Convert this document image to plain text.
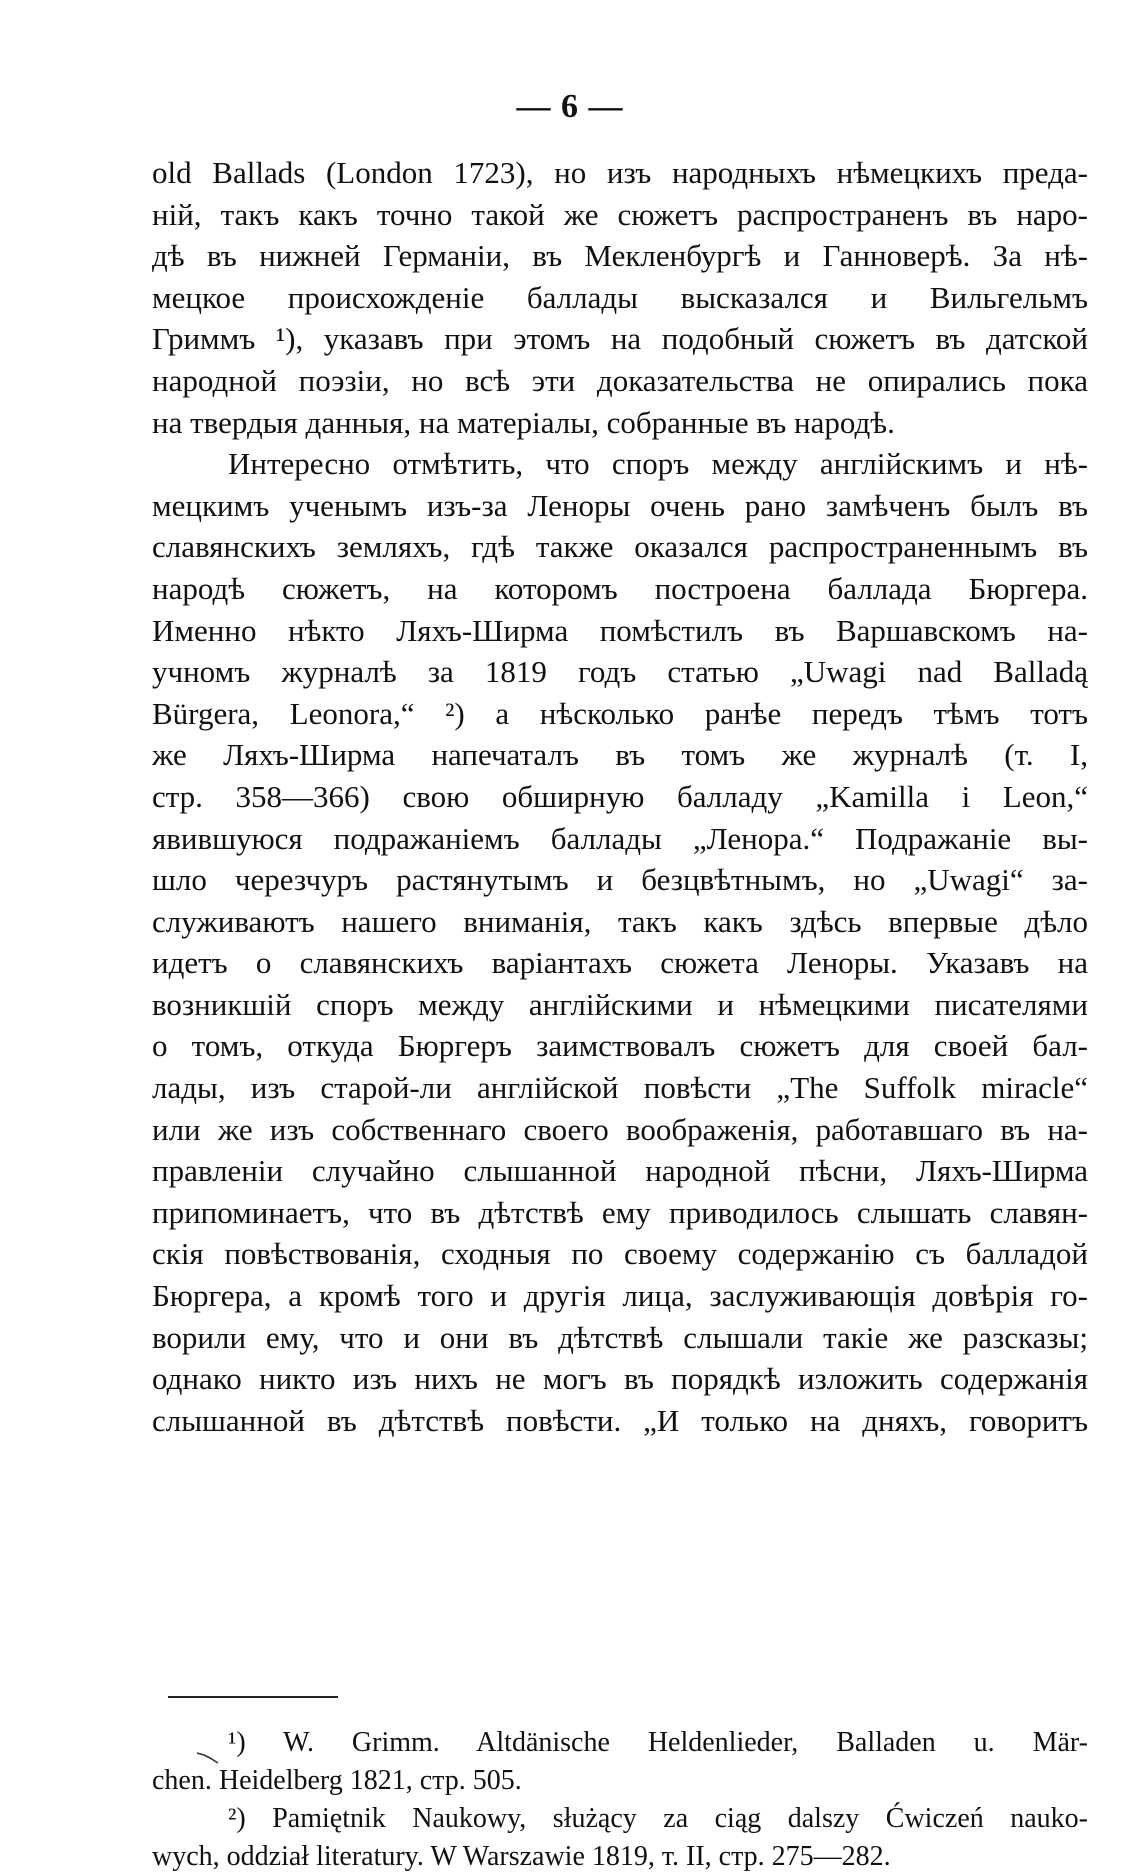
— 6 —
old Ballads (London 1723), но изъ народныхъ нѣмецкихъ преда-
ній, такъ какъ точно такой же сюжетъ распространенъ въ наро-
дѣ въ нижней Германіи, въ Мекленбургѣ и Ганноверѣ. За нѣ-
мецкое происхожденіе баллады высказался и Вильгельмъ
Гриммъ ¹), указавъ при этомъ на подобный сюжетъ въ датской
народной поэзіи, но всѣ эти доказательства не опирались пока
на твердыя данныя, на матеріалы, собранные въ народѣ.
Интересно отмѣтить, что споръ между англійскимъ и нѣ-
мецкимъ ученымъ изъ-за Леноры очень рано замѣченъ былъ въ
славянскихъ земляхъ, гдѣ также оказался распространеннымъ въ
народѣ сюжетъ, на которомъ построена баллада Бюргера.
Именно нѣкто Ляхъ-Ширма помѣстилъ въ Варшавскомъ на-
учномъ журналѣ за 1819 годъ статью „Uwagi nad Balladą
Bürgera, Leonora,“ ²) а нѣсколько ранѣе передъ тѣмъ тотъ
же Ляхъ-Ширма напечаталъ въ томъ же журналѣ (т. I,
стр. 358—366) свою обширную балладу „Kamilla i Leon,“
явившуюся подражаніемъ баллады „Ленора.“ Подражаніе вы-
шло черезчуръ растянутымъ и безцвѣтнымъ, но „Uwagi“ за-
служиваютъ нашего вниманія, такъ какъ здѣсь впервые дѣло
идетъ о славянскихъ варіантахъ сюжета Леноры. Указавъ на
возникшій споръ между англійскими и нѣмецкими писателями
о томъ, откуда Бюргеръ заимствовалъ сюжетъ для своей бал-
лады, изъ старой-ли англійской повѣсти „The Suffolk miracle“
или же изъ собственнаго своего воображенія, работавшаго въ на-
правленіи случайно слышанной народной пѣсни, Ляхъ-Ширма
припоминаетъ, что въ дѣтствѣ ему приводилось слышать славян-
скія повѣствованія, сходныя по своему содержанію съ балладой
Бюргера, а кромѣ того и другія лица, заслуживающія довѣрія го-
ворили ему, что и они въ дѣтствѣ слышали такіе же разсказы;
однако никто изъ нихъ не могъ въ порядкѣ изложить содержанія
слышанной въ дѣтствѣ повѣсти. „И только на дняхъ, говоритъ
¹) W. Grimm. Altdänische Heldenlieder, Balladen u. Mär-
chen. Heidelberg 1821, стр. 505.
²) Pamiętnik Naukowy, służący za ciąg dalszy Ćwiczeń nauko-
wych, oddział literatury. W Warszawie 1819, т. II, стр. 275—282.
